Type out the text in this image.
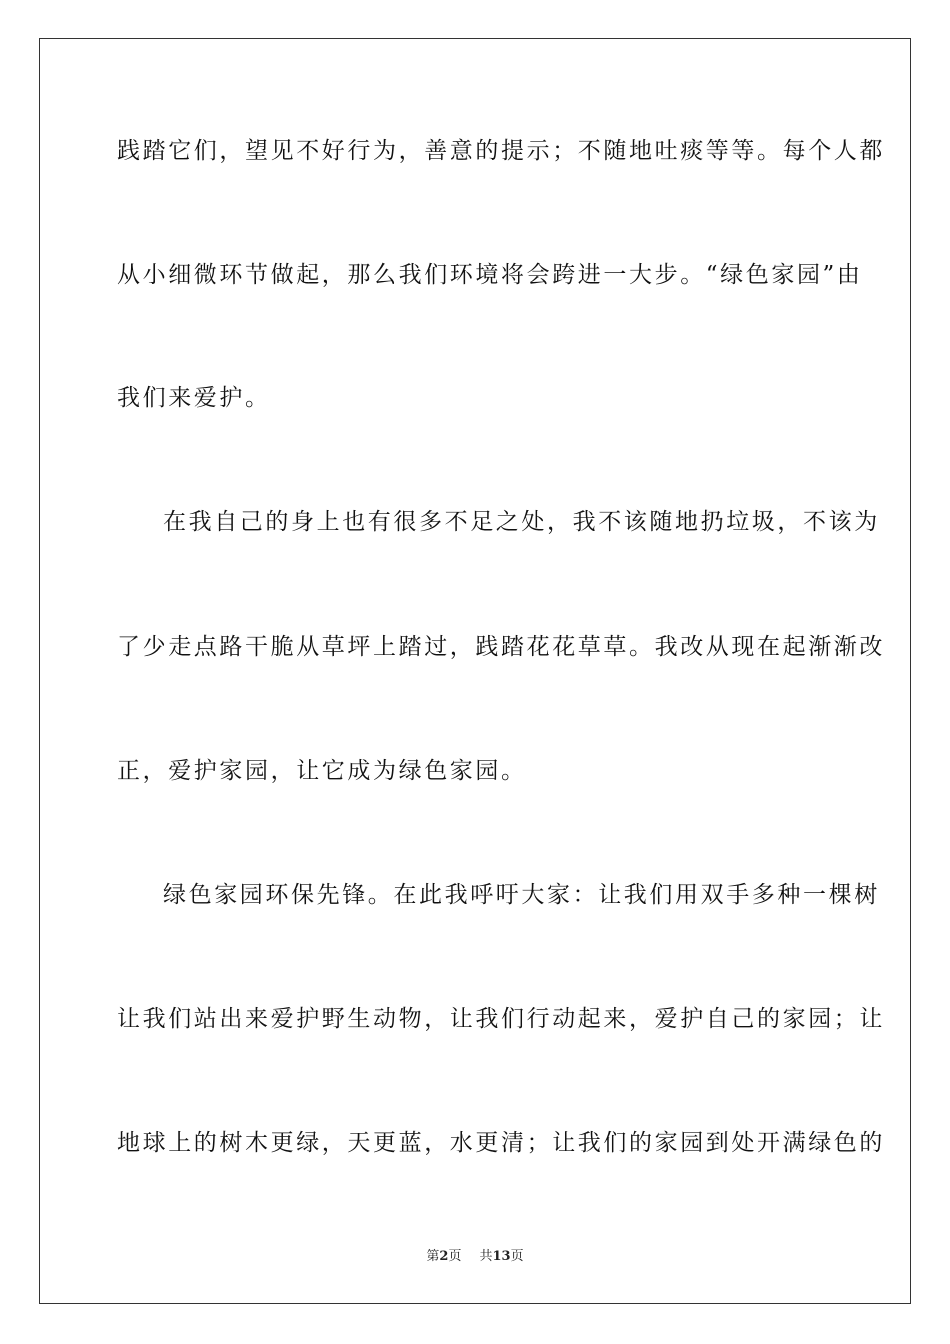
践踏它们，望见不好行为，善意的提示；不随地吐痰等等。每个人都
从小细微环节做起，那么我们环境将会跨进一大步。“绿色家园”由
我们来爱护。
在我自己的身上也有很多不足之处，我不该随地扔垃圾，不该为
了少走点路干脆从草坪上踏过，践踏花花草草。我改从现在起渐渐改
正，爱护家园，让它成为绿色家园。
绿色家园环保先锋。在此我呼吁大家：让我们用双手多种一棵树
让我们站出来爱护野生动物，让我们行动起来，爱护自己的家园；让
地球上的树木更绿，天更蓝，水更清；让我们的家园到处开满绿色的
第2页 共13页
